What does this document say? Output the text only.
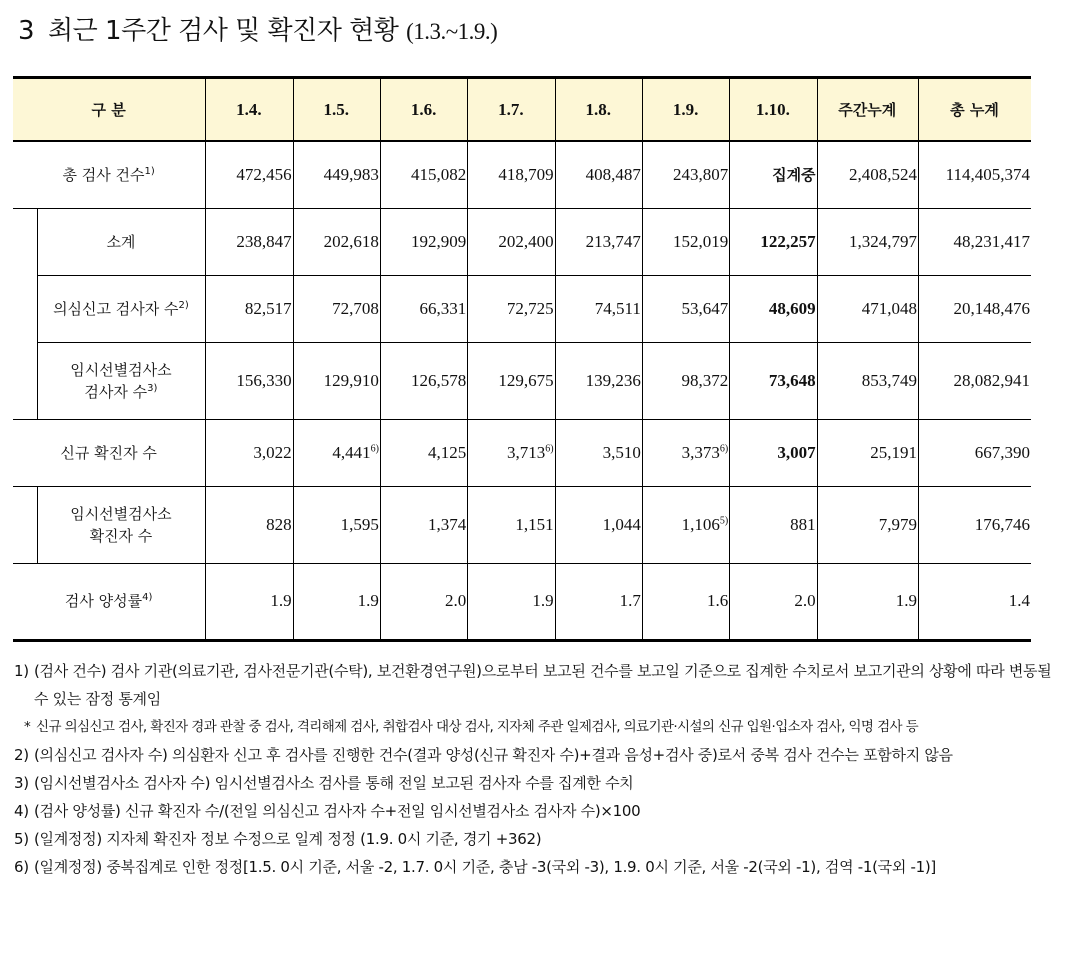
3 최근 1주간 검사 및 확진자 현황 (1.3.~1.9.)
구 분		1.4.	1.5.	1.6.	1.7.	1.8.	1.9.	1.10.	주간누계	총 누계
총 검사 건수$^{1)}$		472,456	449,983	415,082	418,709	408,487	243,807	집계중	2,408,524	114,405,374
	소계	238,847	202,618	192,909	202,400	213,747	152,019	122,257	1,324,797	48,231,417
	의심신고 검사자 수$^{2)}$	82,517	72,708	66,331	72,725	74,511	53,647	48,609	471,048	20,148,476
	임시선별검사소
검사자 수$^{3)}$	156,330	129,910	126,578	129,675	139,236	98,372	73,648	853,749	28,082,941
신규 확진자 수		3,022	4,441$^{6)}$	4,125	3,713$^{6)}$	3,510	3,373$^{6)}$	3,007	25,191	667,390
	임시선별검사소
확진자 수	828	1,595	1,374	1,151	1,044	1,106$^{5)}$	881	7,979	176,746
검사 양성률$^{4)}$		1.9	1.9	2.0	1.9	1.7	1.6	2.0	1.9	1.4
1) (검사 건수) 검사 기관(의료기관, 검사전문기관(수탁), 보건환경연구원)으로부터 보고된 건수를 보고일 기준으로 집계한 수치로서 보고기관의 상황에 따라 변동될 수 있는 잠정 통계임
* 신규 의심신고 검사, 확진자 경과 관찰 중 검사, 격리해제 검사, 취합검사 대상 검사, 지자체 주관 일제검사, 의료기관·시설의 신규 입원·입소자 검사, 익명 검사 등
2) (의심신고 검사자 수) 의심환자 신고 후 검사를 진행한 건수(결과 양성(신규 확진자 수)+결과 음성+검사 중)로서 중복 검사 건수는 포함하지 않음
3) (임시선별검사소 검사자 수) 임시선별검사소 검사를 통해 전일 보고된 검사자 수를 집계한 수치
4) (검사 양성률) 신규 확진자 수/(전일 의심신고 검사자 수+전일 임시선별검사소 검사자 수)×100
5) (일계정정) 지자체 확진자 정보 수정으로 일계 정정 (1.9. 0시 기준, 경기 +362)
6) (일계정정) 중복집계로 인한 정정[1.5. 0시 기준, 서울 -2, 1.7. 0시 기준, 충남 -3(국외 -3), 1.9. 0시 기준, 서울 -2(국외 -1), 검역 -1(국외 -1)]
